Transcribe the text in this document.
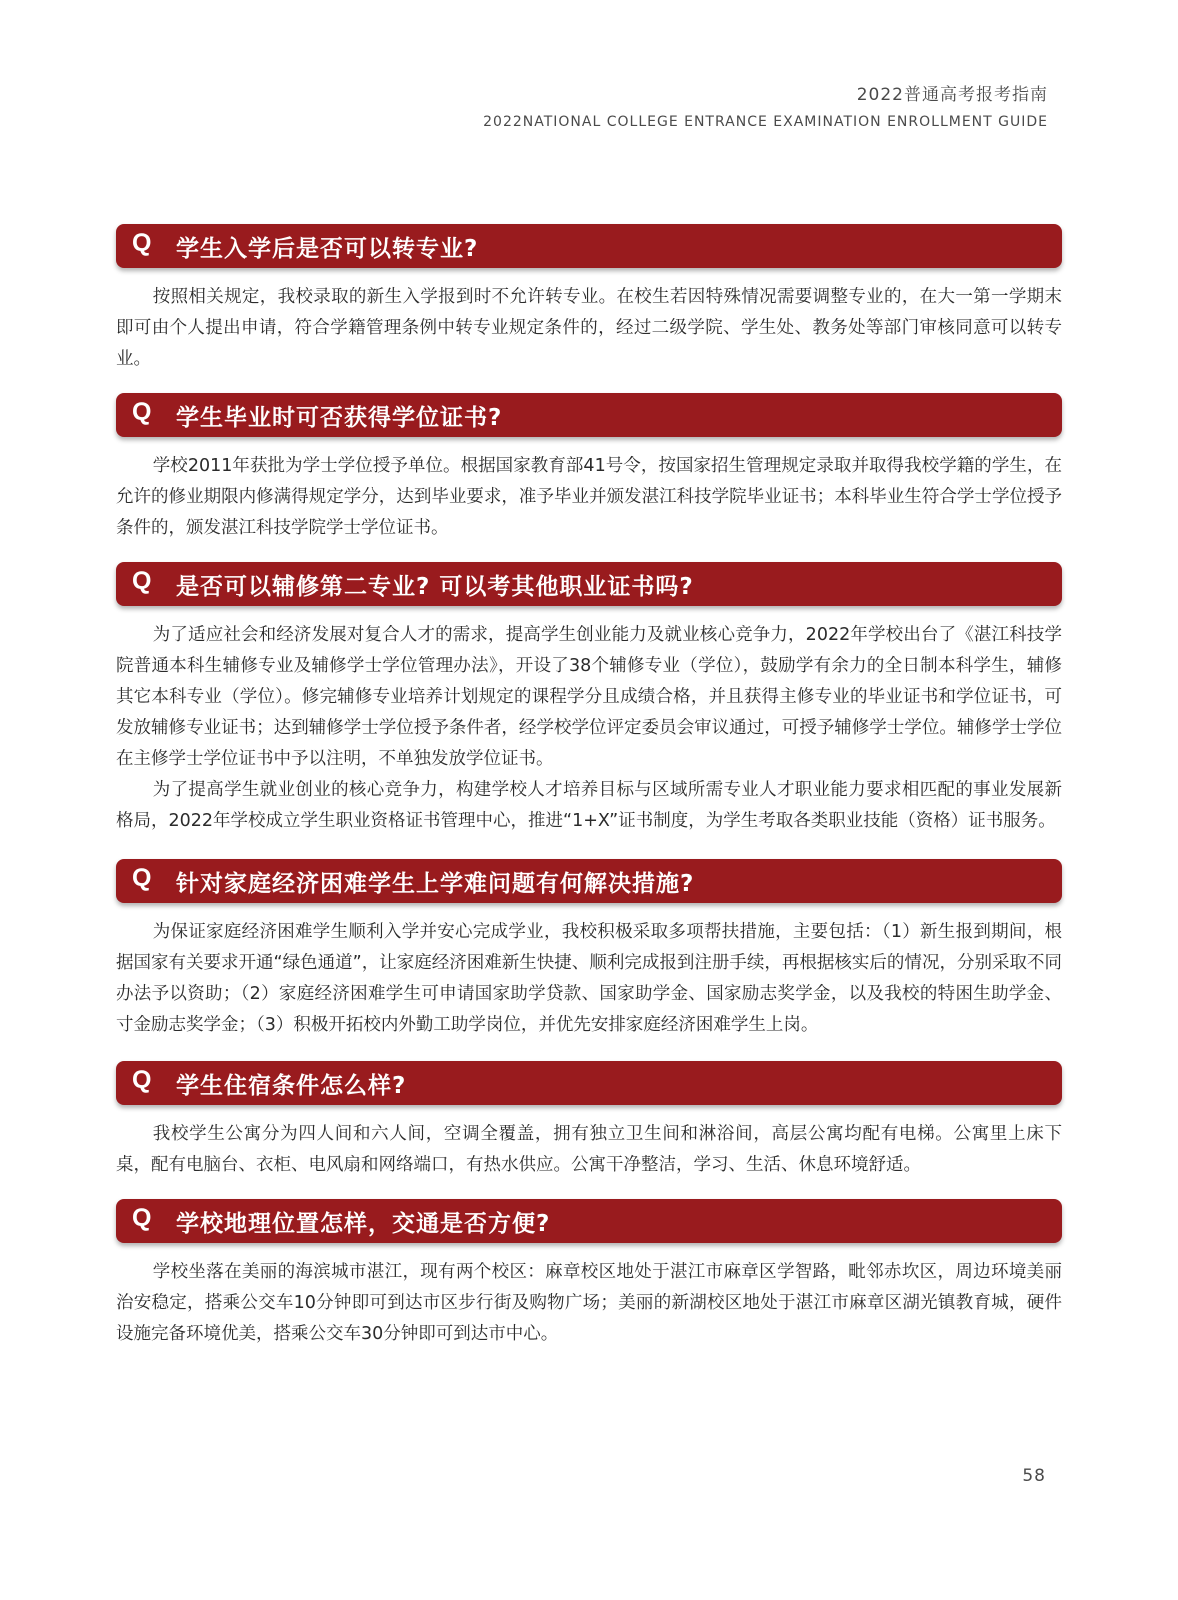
2022普通高考报考指南
2022NATIONAL COLLEGE ENTRANCE EXAMINATION ENROLLMENT GUIDE
Q	学生入学后是否可以转专业?

按照相关规定，我校录取的新生入学报到时不允许转专业。在校生若因特殊情况需要调整专业的，在大一第一学期末即可由个人提出申请，符合学籍管理条例中转专业规定条件的，经过二级学院、学生处、教务处等部门审核同意可以转专业。

Q	学生毕业时可否获得学位证书?

学校2011年获批为学士学位授予单位。根据国家教育部41号令，按国家招生管理规定录取并取得我校学籍的学生，在允许的修业期限内修满得规定学分，达到毕业要求，准予毕业并颁发湛江科技学院毕业证书；本科毕业生符合学士学位授予条件的，颁发湛江科技学院学士学位证书。

Q	是否可以辅修第二专业? 可以考其他职业证书吗?

为了适应社会和经济发展对复合人才的需求，提高学生创业能力及就业核心竞争力，2022年学校出台了《湛江科技学院普通本科生辅修专业及辅修学士学位管理办法》，开设了38个辅修专业（学位），鼓励学有余力的全日制本科学生，辅修其它本科专业（学位）。修完辅修专业培养计划规定的课程学分且成绩合格，并且获得主修专业的毕业证书和学位证书，可发放辅修专业证书；达到辅修学士学位授予条件者，经学校学位评定委员会审议通过，可授予辅修学士学位。辅修学士学位在主修学士学位证书中予以注明，不单独发放学位证书。

为了提高学生就业创业的核心竞争力，构建学校人才培养目标与区域所需专业人才职业能力要求相匹配的事业发展新格局，2022年学校成立学生职业资格证书管理中心，推进“1+X”证书制度，为学生考取各类职业技能（资格）证书服务。

Q	针对家庭经济困难学生上学难问题有何解决措施?

为保证家庭经济困难学生顺利入学并安心完成学业，我校积极采取多项帮扶措施，主要包括：（1）新生报到期间，根据国家有关要求开通“绿色通道”，让家庭经济困难新生快捷、顺利完成报到注册手续，再根据核实后的情况，分别采取不同办法予以资助；（2）家庭经济困难学生可申请国家助学贷款、国家助学金、国家励志奖学金，以及我校的特困生助学金、寸金励志奖学金；（3）积极开拓校内外勤工助学岗位，并优先安排家庭经济困难学生上岗。

Q	学生住宿条件怎么样?

我校学生公寓分为四人间和六人间，空调全覆盖，拥有独立卫生间和淋浴间，高层公寓均配有电梯。公寓里上床下桌，配有电脑台、衣柜、电风扇和网络端口，有热水供应。公寓干净整洁，学习、生活、休息环境舒适。

Q	学校地理位置怎样，交通是否方便?

学校坐落在美丽的海滨城市湛江，现有两个校区：麻章校区地处于湛江市麻章区学智路，毗邻赤坎区，周边环境美丽治安稳定，搭乘公交车10分钟即可到达市区步行街及购物广场；美丽的新湖校区地处于湛江市麻章区湖光镇教育城，硬件设施完备环境优美，搭乘公交车30分钟即可到达市中心。

58
